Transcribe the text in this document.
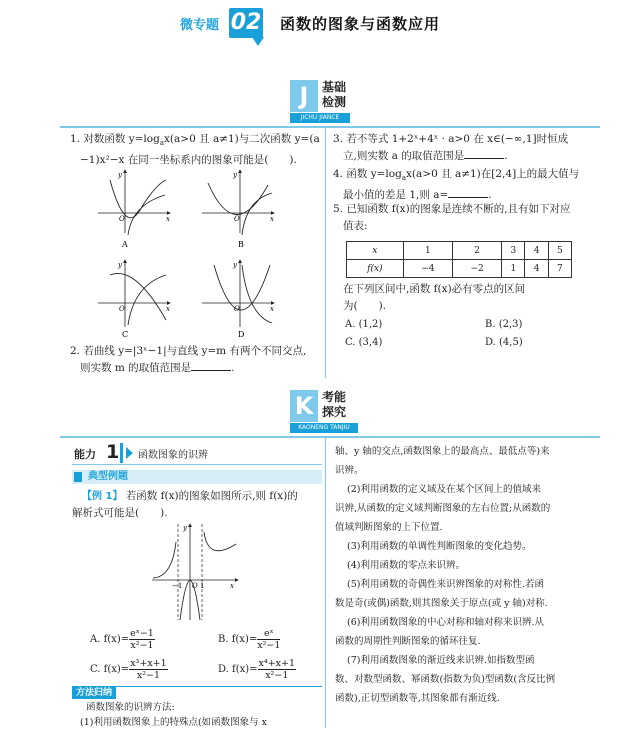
微专题 02 函数的图象与函数应用
J	基础
检测
JICHU JIANCE
1. 对数函数 $y=\log_ax(a>0$ 且 a≠1)与二次函数 y=(a
−1)x²−x 在同一坐标系内的图象可能是(　　).
y
O	x
A
y
O	x
B
y
O	x
C
y
O	x
D
2. 若曲线 y=|3ˣ−1|与直线 y=m 有两个不同交点,
则实数 m 的取值范围是	.
3. 若不等式 1+2ˣ+4ˣ · a>0 在 x∈(−∞,1]时恒成
立,则实数 a 的取值范围是	.
4. 函数 $y=\log_ax(a>0$ 且 a≠1)在[2,4]上的最大值与
最小值的差是 1,则 a=	.
5. 已知函数 f(x)的图象是连续不断的,且有如下对应
值表:
x	1	2	3	4	5
f(x)	−4	−2	1	4	7
在下列区间中,函数 f(x)必有零点的区间
为(　　).
A. (1,2)	B. (2,3)
C. (3,4)	D. (4,5)
K 考能
探究
KAONENG TANJIU
能力 1 函数图象的识辨
典型例题
【例 1】 若函数 f(x)的图象如图所示,则 f(x)的
解析式可能是(　　).
y
O	x
1
−1
A. $f(x)= \frac{\text{eˣ−1}}{\text{x²−1}}$	B. $f(x)= \frac{\text{eˣ}}{\text{x²−1}}$
C. $f(x)= \frac{\text{x³+x+1}}{\text{x²−1}}$	D. $f(x)= \frac{\text{x⁴+x+1}}{\text{x²−1}}$
方法归纳
函数图象的识辨方法:
(1)利用函数图象上的特殊点(如函数图象与 x
轴、y 轴的交点,函数图象上的最高点、最低点等)来
识辨。
(2)利用函数的定义域及在某个区间上的值域来
识辨,从函数的定义域判断图象的左右位置;从函数的
值域判断图象的上下位置.
(3)利用函数的单调性判断图象的变化趋势。
(4)利用函数的零点来识辨。
(5)利用函数的奇偶性来识辨图象的对称性.若函
数是奇(或偶)函数,则其图象关于原点(或 y 轴)对称.
(6)利用函数图象的中心对称和轴对称来识辨.从
函数的周期性判断图象的循环往复.
(7)利用函数图象的渐近线来识辨.如指数型函
数、对数型函数、幂函数(指数为负)型函数(含反比例
函数),正切型函数等,其图象都有渐近线.
